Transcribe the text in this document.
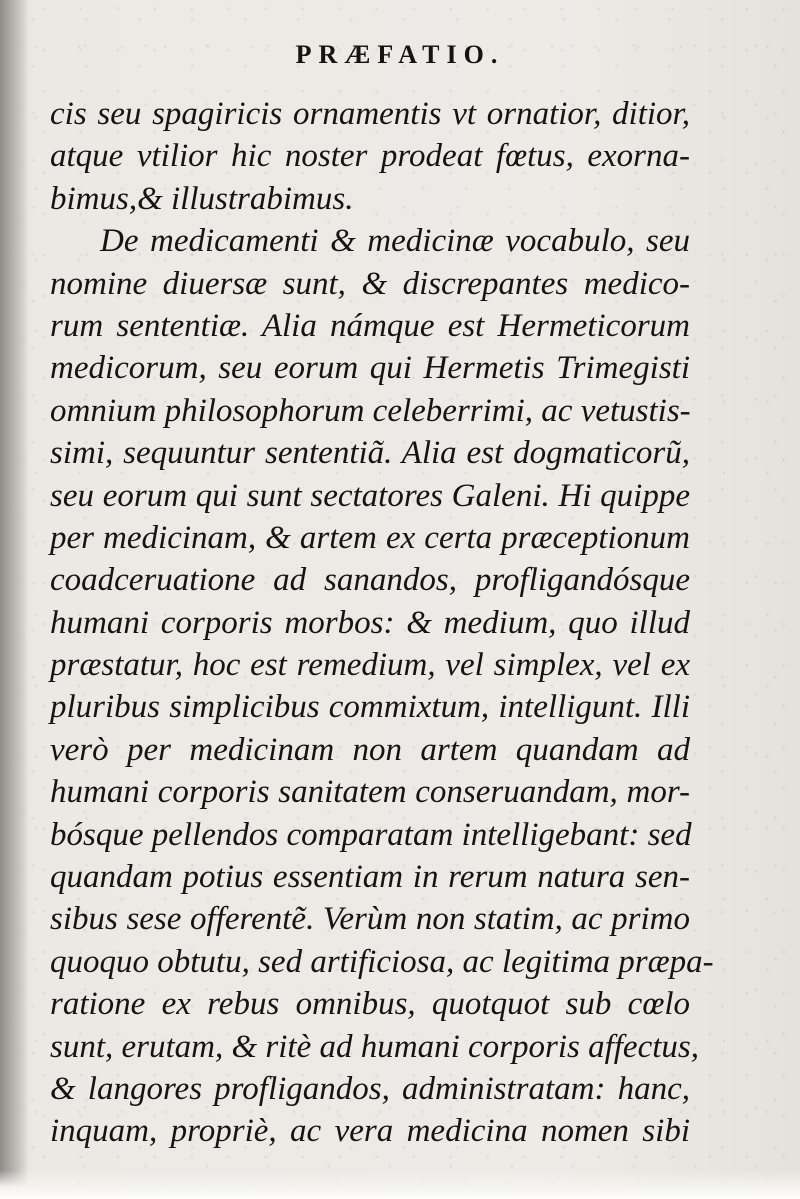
PRÆFATIO.
cis seu spagiricis ornamentis vt ornatior, ditior,
atque vtilior hic noster prodeat fœtus, exorna-
bimus,& illustrabimus.
De medicamenti & medicinæ vocabulo, seu
nomine diuersæ sunt, & discrepantes medico-
rum sententiæ. Alia námque est Hermeticorum
medicorum, seu eorum qui Hermetis Trimegisti
omnium philosophorum celeberrimi, ac vetustis-
simi, sequuntur sententiã. Alia est dogmaticorũ,
seu eorum qui sunt sectatores Galeni. Hi quippe
per medicinam, & artem ex certa præceptionum
coadceruatione ad sanandos, profligandósque
humani corporis morbos: & medium, quo illud
præstatur, hoc est remedium, vel simplex, vel ex
pluribus simplicibus commixtum, intelligunt. Illi
verò per medicinam non artem quandam ad
humani corporis sanitatem conseruandam, mor-
bósque pellendos comparatam intelligebant: sed
quandam potius essentiam in rerum natura sen-
sibus sese offerentẽ. Verùm non statim, ac primo
quoquo obtutu, sed artificiosa, ac legitima præpa-
ratione ex rebus omnibus, quotquot sub cœlo
sunt, erutam, & ritè ad humani corporis affectus,
& langores profligandos, administratam: hanc,
inquam, propriè, ac vera medicina nomen sibi
